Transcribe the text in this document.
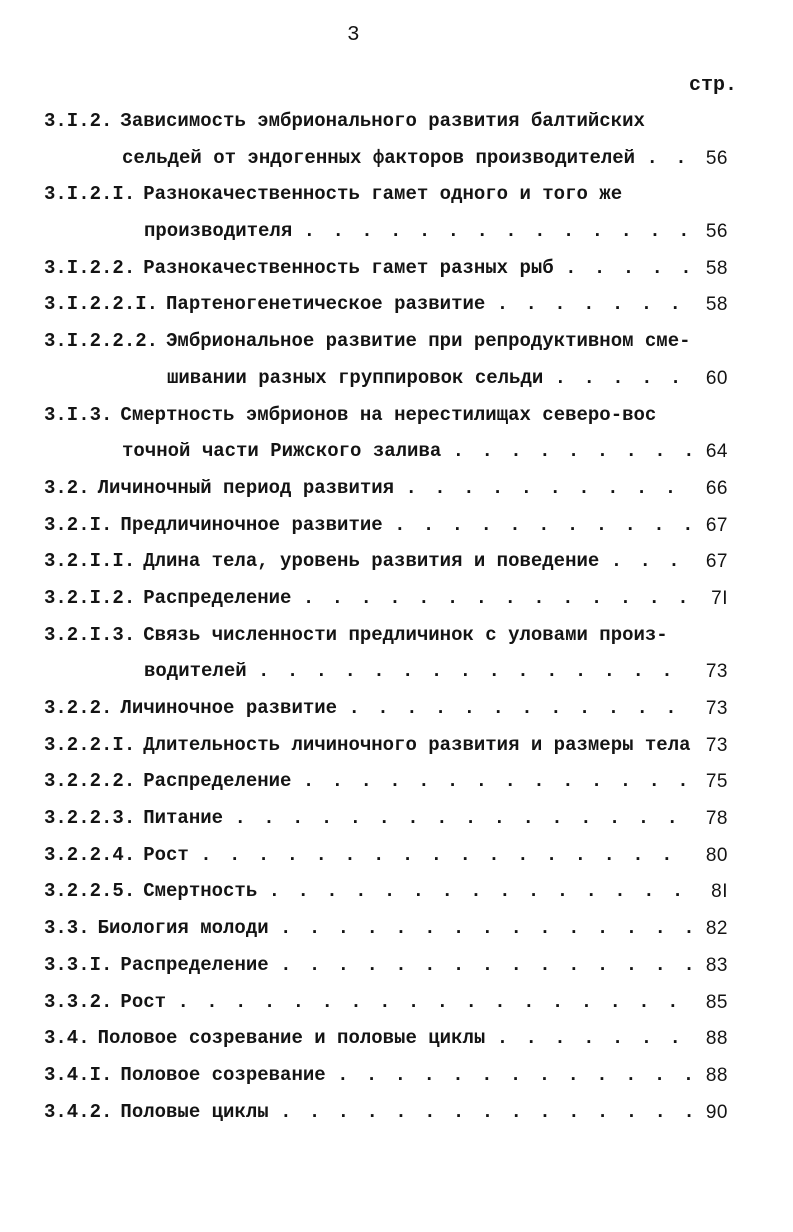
3
стр.
3.I.2. Зависимость эмбрионального развития балтийских
сельдей от эндогенных факторов производителей . . 56
3.I.2.I. Разнокачественность гамет одного и того же
производителя . . . . . . . . . . . . . . 56
3.I.2.2. Разнокачественность гамет разных рыб . . . . . 58
3.I.2.2.I. Партеногенетическое развитие . . . . . . . 58
3.I.2.2.2. Эмбриональное развитие при репродуктивном сме-
шивании разных группировок сельди . . . . . 60
3.I.3. Смертность эмбрионов на нерестилищах северо-вос
точной части Рижского залива . . . . . . . . . 64
3.2. Личиночный период развития . . . . . . . . . . 66
3.2.I. Предличиночное развитие . . . . . . . . . . . 67
3.2.I.I. Длина тела, уровень развития и поведение . . . 67
3.2.I.2. Распределение . . . . . . . . . . . . . . 7I
3.2.I.3. Связь численности предличинок с уловами произ-
водителей . . . . . . . . . . . . . . . 73
3.2.2. Личиночное развитие . . . . . . . . . . . . 73
3.2.2.I. Длительность личиночного развития и размеры тела 73
3.2.2.2. Распределение . . . . . . . . . . . . . . 75
3.2.2.3. Питание . . . . . . . . . . . . . . . . 78
3.2.2.4. Рост . . . . . . . . . . . . . . . . . 80
3.2.2.5. Смертность . . . . . . . . . . . . . . . 8I
3.3. Биология молоди . . . . . . . . . . . . . . . 82
3.3.I. Распределение . . . . . . . . . . . . . . . 83
3.3.2. Рост . . . . . . . . . . . . . . . . . . 85
3.4. Половое созревание и половые циклы . . . . . . . 88
3.4.I. Половое созревание . . . . . . . . . . . . . 88
3.4.2. Половые циклы . . . . . . . . . . . . . . . 90
